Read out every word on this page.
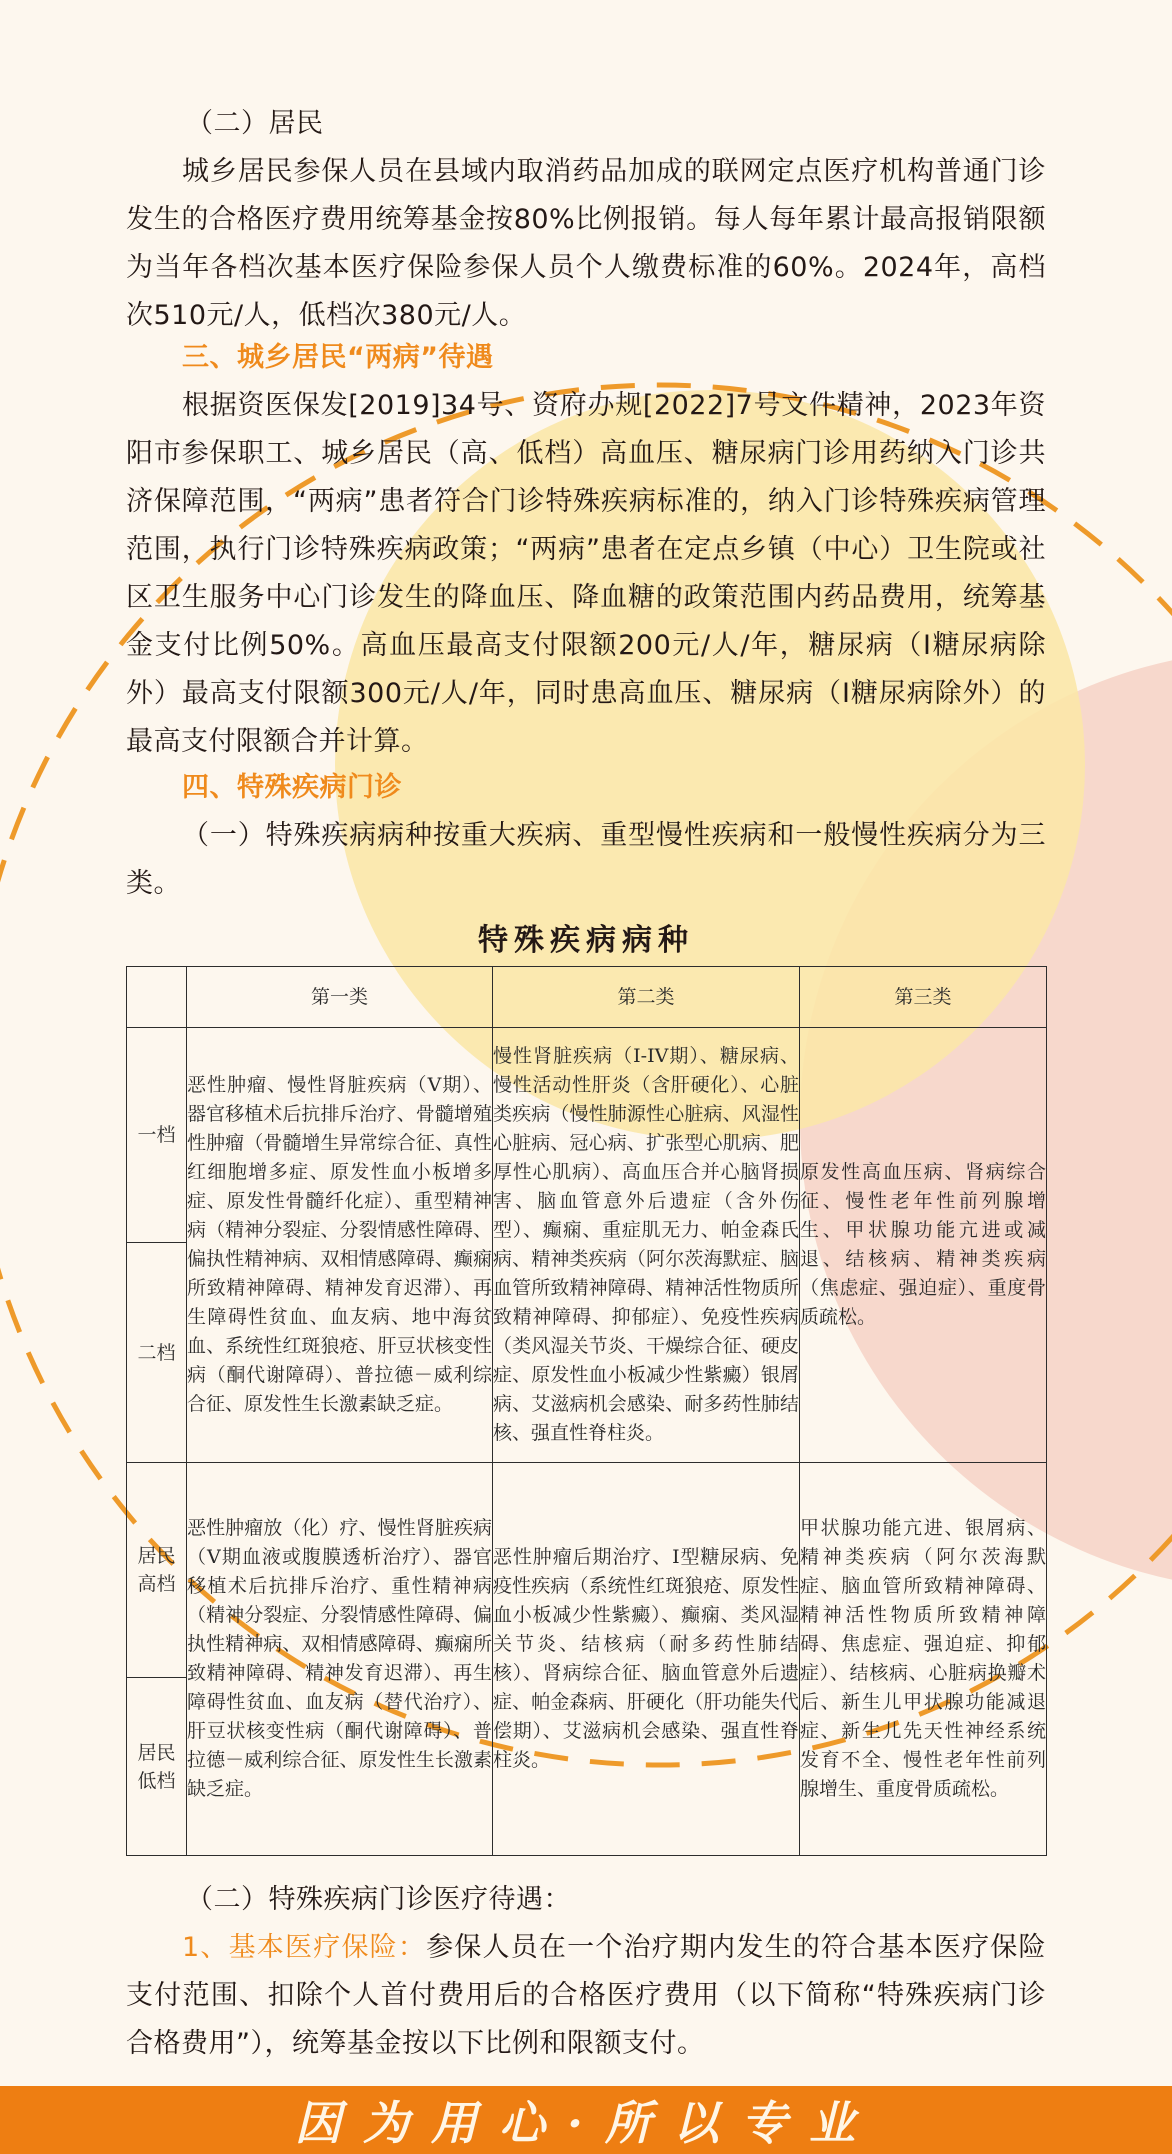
（二）居民

城乡居民参保人员在县域内取消药品加成的联网定点医疗机构普通门诊发生的合格医疗费用统筹基金按80%比例报销。每人每年累计最高报销限额为当年各档次基本医疗保险参保人员个人缴费标准的60%。2024年，高档次510元/人，低档次380元/人。

三、城乡居民“两病”待遇

根据资医保发[2019]34号、资府办规[2022]7号文件精神，2023年资阳市参保职工、城乡居民（高、低档）高血压、糖尿病门诊用药纳入门诊共济保障范围，“两病”患者符合门诊特殊疾病标准的，纳入门诊特殊疾病管理范围，执行门诊特殊疾病政策；“两病”患者在定点乡镇（中心）卫生院或社区卫生服务中心门诊发生的降血压、降血糖的政策范围内药品费用，统筹基金支付比例50%。高血压最高支付限额200元/人/年，糖尿病（I糖尿病除外）最高支付限额300元/人/年，同时患高血压、糖尿病（I糖尿病除外）的最高支付限额合并计算。

四、特殊疾病门诊

（一）特殊疾病病种按重大疾病、重型慢性疾病和一般慢性疾病分为三类。

特殊疾病病种
	第一类	第二类	第三类
一档	恶性肿瘤、慢性肾脏疾病（V期）、器官移植术后抗排斥治疗、骨髓增殖性肿瘤（骨髓增生异常综合征、真性红细胞增多症、原发性血小板增多症、原发性骨髓纤化症）、重型精神病（精神分裂症、分裂情感性障碍、偏执性精神病、双相情感障碍、癫痫所致精神障碍、精神发育迟滞）、再生障碍性贫血、血友病、地中海贫血、系统性红斑狼疮、肝豆状核变性病（酮代谢障碍）、普拉德－威利综合征、原发性生长激素缺乏症。	慢性肾脏疾病（I-IV期）、糖尿病、慢性活动性肝炎（含肝硬化）、心脏类疾病（慢性肺源性心脏病、风湿性心脏病、冠心病、扩张型心肌病、肥厚性心肌病）、高血压合并心脑肾损害、脑血管意外后遗症（含外伤型）、癫痫、重症肌无力、帕金森氏病、精神类疾病（阿尔茨海默症、脑血管所致精神障碍、精神活性物质所致精神障碍、抑郁症）、免疫性疾病（类风湿关节炎、干燥综合征、硬皮症、原发性血小板减少性紫癜）银屑病、艾滋病机会感染、耐多药性肺结核、强直性脊柱炎。	原发性高血压病、肾病综合征、慢性老年性前列腺增生、甲状腺功能亢进或减退、结核病、精神类疾病（焦虑症、强迫症）、重度骨质疏松。
二档			
居民高档	恶性肿瘤放（化）疗、慢性肾脏疾病（V期血液或腹膜透析治疗）、器官移植术后抗排斥治疗、重性精神病（精神分裂症、分裂情感性障碍、偏执性精神病、双相情感障碍、癫痫所致精神障碍、精神发育迟滞）、再生障碍性贫血、血友病（替代治疗）、肝豆状核变性病（酮代谢障碍）、普拉德－威利综合征、原发性生长激素缺乏症。	恶性肿瘤后期治疗、I型糖尿病、免疫性疾病（系统性红斑狼疮、原发性血小板减少性紫癜）、癫痫、类风湿关节炎、结核病（耐多药性肺结核）、肾病综合征、脑血管意外后遗症、帕金森病、肝硬化（肝功能失代偿期）、艾滋病机会感染、强直性脊柱炎。	甲状腺功能亢进、银屑病、精神类疾病（阿尔茨海默症、脑血管所致精神障碍、精神活性物质所致精神障碍、焦虑症、强迫症、抑郁症）、结核病、心脏病换瓣术后、新生儿甲状腺功能减退症、新生儿先天性神经系统发育不全、慢性老年性前列腺增生、重度骨质疏松。
居民低档			

（二）特殊疾病门诊医疗待遇：

1、基本医疗保险：参保人员在一个治疗期内发生的符合基本医疗保险支付范围、扣除个人首付费用后的合格医疗费用（以下简称“特殊疾病门诊合格费用”），统筹基金按以下比例和限额支付。

因为用心·所以专业
